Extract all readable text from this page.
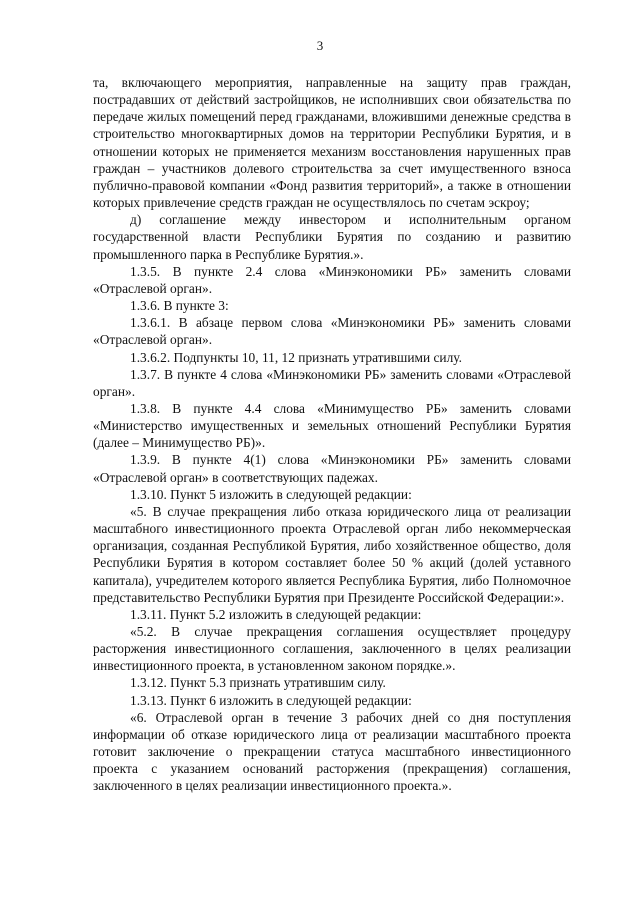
3

та, включающего мероприятия, направленные на защиту прав граждан, пострадавших от действий застройщиков, не исполнивших свои обязательства по передаче жилых помещений перед гражданами, вложившими денежные средства в строительство многоквартирных домов на территории Республики Бурятия, и в отношении которых не применяется механизм восстановления нарушенных прав граждан – участников долевого строительства за счет имущественного взноса публично-правовой компании «Фонд развития территорий», а также в отношении которых привлечение средств граждан не осуществлялось по счетам эскроу;

д) соглашение между инвестором и исполнительным органом государственной власти Республики Бурятия по созданию и развитию промышленного парка в Республике Бурятия.».

1.3.5. В пункте 2.4 слова «Минэкономики РБ» заменить словами «Отраслевой орган».

1.3.6. В пункте 3:

1.3.6.1. В абзаце первом слова «Минэкономики РБ» заменить словами «Отраслевой орган».

1.3.6.2. Подпункты 10, 11, 12 признать утратившими силу.

1.3.7. В пункте 4 слова «Минэкономики РБ» заменить словами «Отраслевой орган».

1.3.8. В пункте 4.4 слова «Минимущество РБ» заменить словами «Министерство имущественных и земельных отношений Республики Бурятия (далее – Минимущество РБ)».

1.3.9. В пункте 4(1) слова «Минэкономики РБ» заменить словами «Отраслевой орган» в соответствующих падежах.

1.3.10. Пункт 5 изложить в следующей редакции:

«5. В случае прекращения либо отказа юридического лица от реализации масштабного инвестиционного проекта Отраслевой орган либо некоммерческая организация, созданная Республикой Бурятия, либо хозяйственное общество, доля Республики Бурятия в котором составляет более 50 % акций (долей уставного капитала), учредителем которого является Республика Бурятия, либо Полномочное представительство Республики Бурятия при Президенте Российской Федерации:».

1.3.11. Пункт 5.2 изложить в следующей редакции:

«5.2. В случае прекращения соглашения осуществляет процедуру расторжения инвестиционного соглашения, заключенного в целях реализации инвестиционного проекта, в установленном законом порядке.».

1.3.12. Пункт 5.3 признать утратившим силу.

1.3.13. Пункт 6 изложить в следующей редакции:

«6. Отраслевой орган в течение 3 рабочих дней со дня поступления информации об отказе юридического лица от реализации масштабного проекта готовит заключение о прекращении статуса масштабного инвестиционного проекта с указанием оснований расторжения (прекращения) соглашения, заключенного в целях реализации инвестиционного проекта.».
